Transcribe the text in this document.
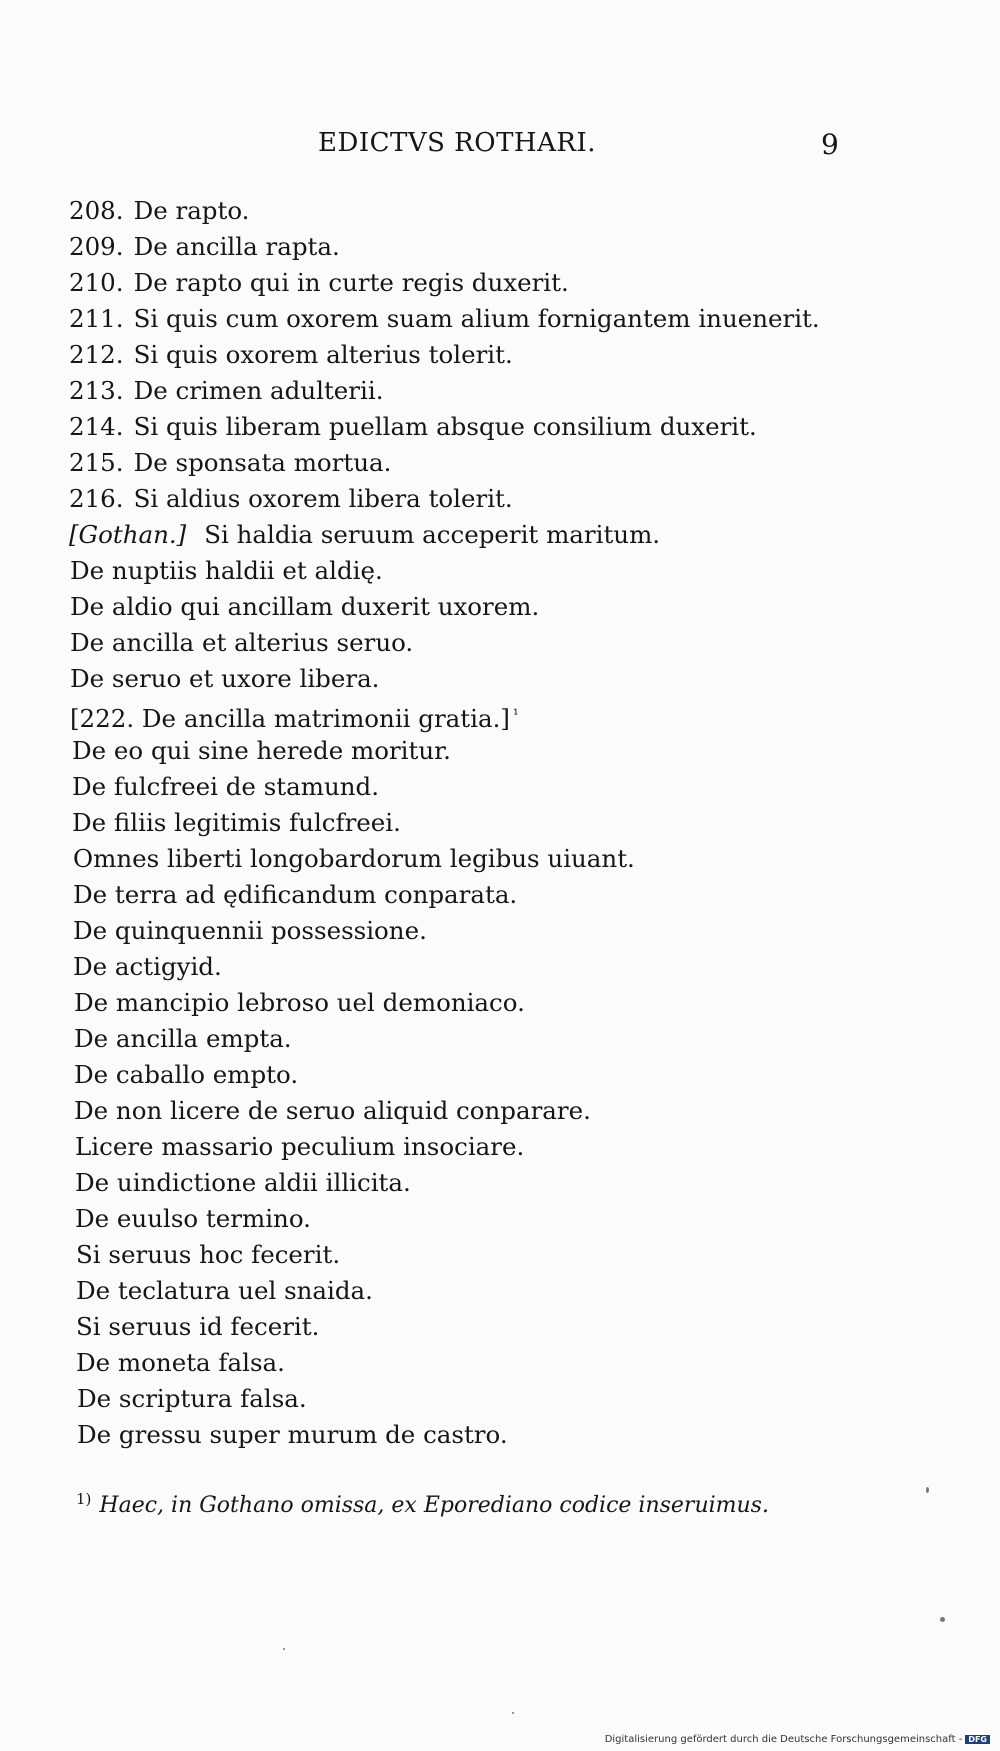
EDICTVS ROTHARI.	9
208. De rapto.
209. De ancilla rapta.
210. De rapto qui in curte regis duxerit.
211. Si quis cum oxorem suam alium fornigantem inuenerit.
212. Si quis oxorem alterius tolerit.
213. De crimen adulterii.
214. Si quis liberam puellam absque consilium duxerit.
215. De sponsata mortua.
216. Si aldius oxorem libera tolerit.
[Gothan.] Si haldia seruum acceperit maritum.
De nuptiis haldii et aldię.
De aldio qui ancillam duxerit uxorem.
De ancilla et alterius seruo.
De seruo et uxore libera.
[222. De ancilla matrimonii gratia.] $^{^1}$
De eo qui sine herede moritur.
De fulcfreei de stamund.
De filiis legitimis fulcfreei.
Omnes liberti longobardorum legibus uiuant.
De terra ad ędificandum conparata.
De quinquennii possessione.
De actigyid.
De mancipio lebroso uel demoniaco.
De ancilla empta.
De caballo empto.
De non licere de seruo aliquid conparare.
Licere massario peculium insociare.
De uindictione aldii illicita.
De euulso termino.
Si seruus hoc fecerit.
De teclatura uel snaida.
Si seruus id fecerit.
De moneta falsa.
De scriptura falsa.
De gressu super murum de castro.
$^{1)}$ Haec, in Gothano omissa, ex Eporediano codice inseruimus.
Digitalisierung gefördert durch die Deutsche Forschungsgemeinschaft - DFG
